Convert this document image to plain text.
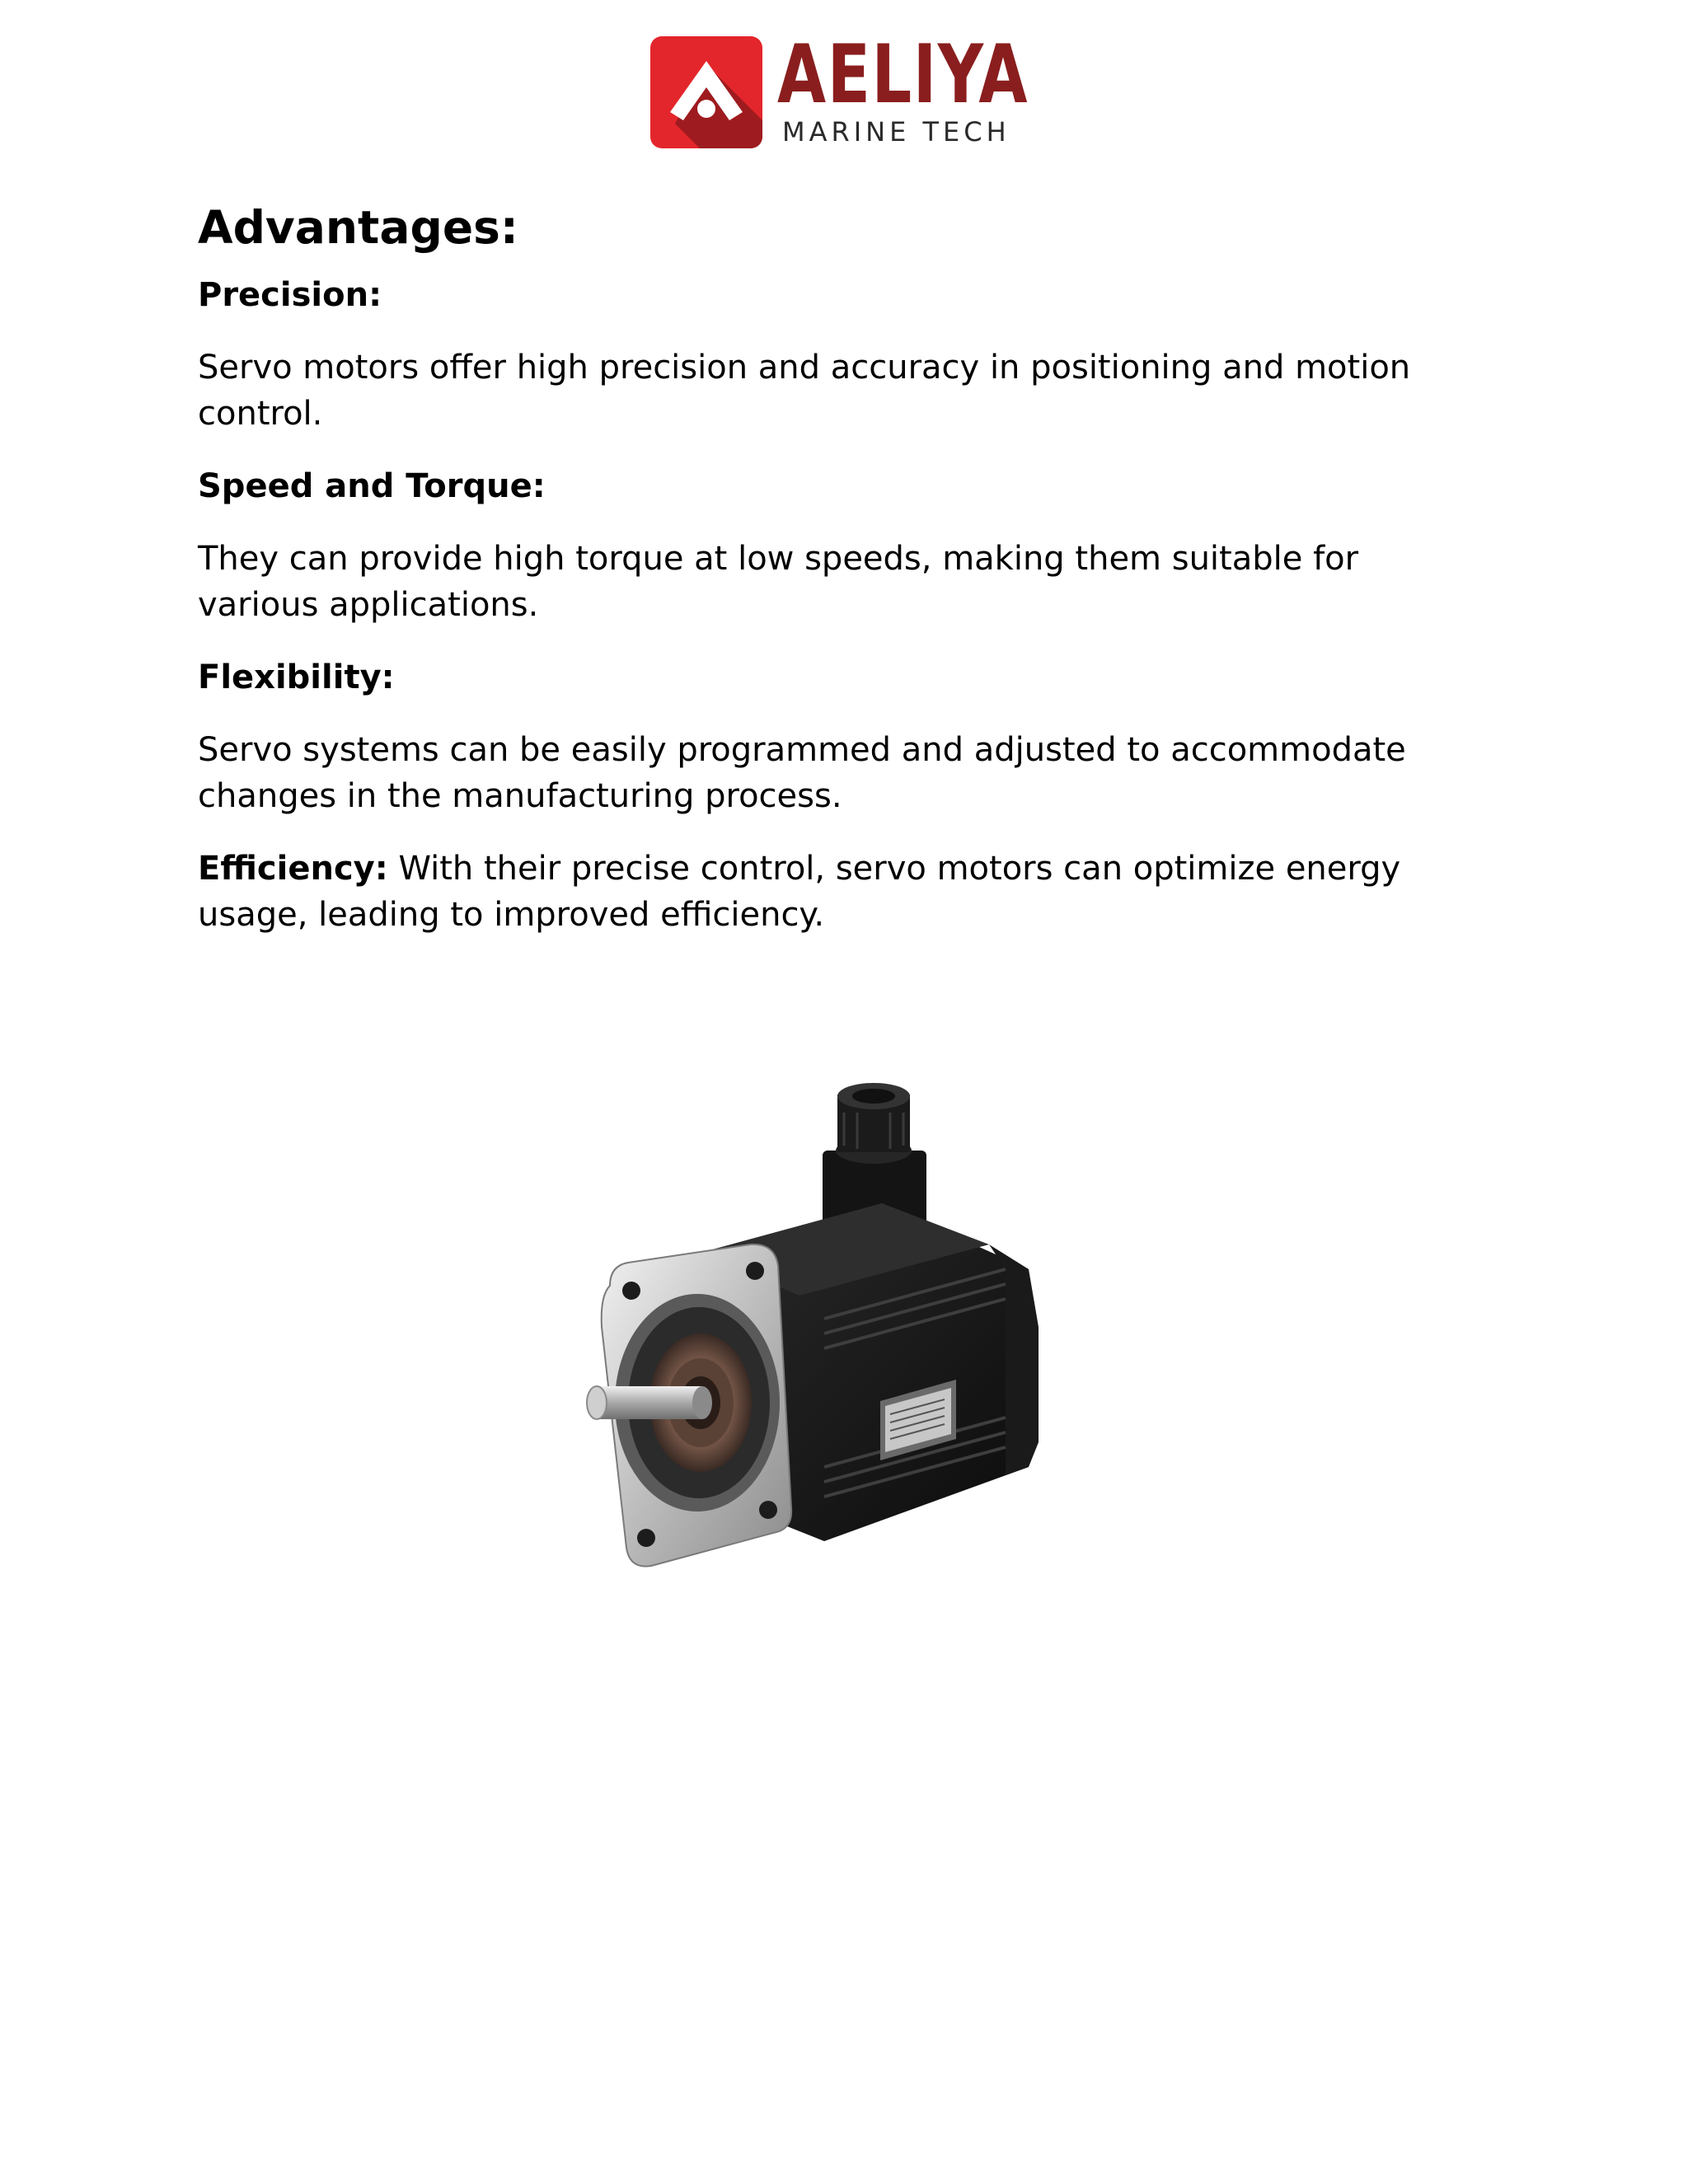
AELIYA
MARINE TECH
Advantages:
Precision:

Servo motors offer high precision and accuracy in positioning and motion
control.

Speed and Torque:

They can provide high torque at low speeds, making them suitable for
various applications.

Flexibility:

Servo systems can be easily programmed and adjusted to accommodate
changes in the manufacturing process.

Efficiency: With their precise control, servo motors can optimize energy
usage, leading to improved efficiency.
